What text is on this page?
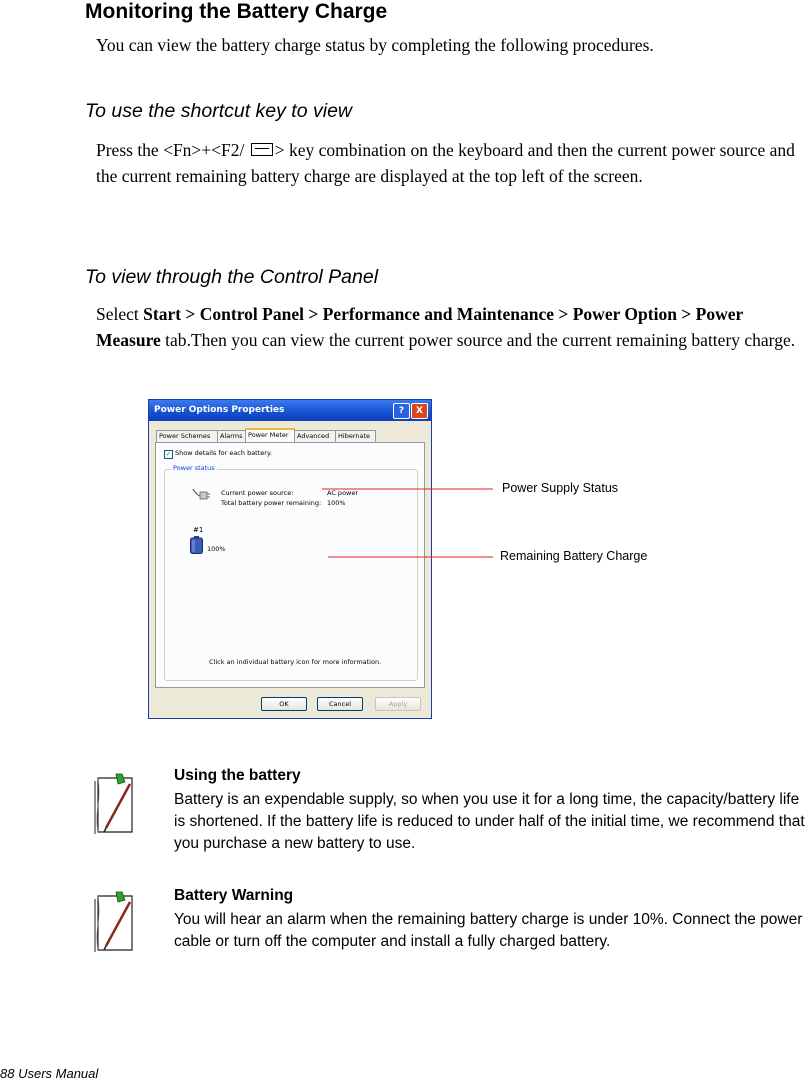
Monitoring the Battery Charge
You can view the battery charge status by completing the following procedures.
To use the shortcut key to view
Press the <Fn>+<F2/ > key combination on the keyboard and then the current power source and the current remaining battery charge are displayed at the top left of the screen.
To view through the Control Panel
Select Start > Control Panel > Performance and Maintenance > Power Option > Power Measure tab.Then you can view the current power source and the current remaining battery charge.
Power Options Properties	?	X
Power Schemes	Alarms Power Meter	Advanced	Hibernate
✓ Show details for each battery.
Power status
Current power source:	AC power
Total battery power remaining: 100%
#1
100%
Click an individual battery icon for more information.
OK	Cancel	Apply
Power Supply Status
Remaining Battery Charge
Using the battery
Battery is an expendable supply, so when you use it for a long time, the capacity/battery life is shortened. If the battery life is reduced to under half of the initial time, we recommend that you purchase a new battery to use.
Battery Warning
You will hear an alarm when the remaining battery charge is under 10%. Connect the power cable or turn off the computer and install a fully charged battery.
88 Users Manual
